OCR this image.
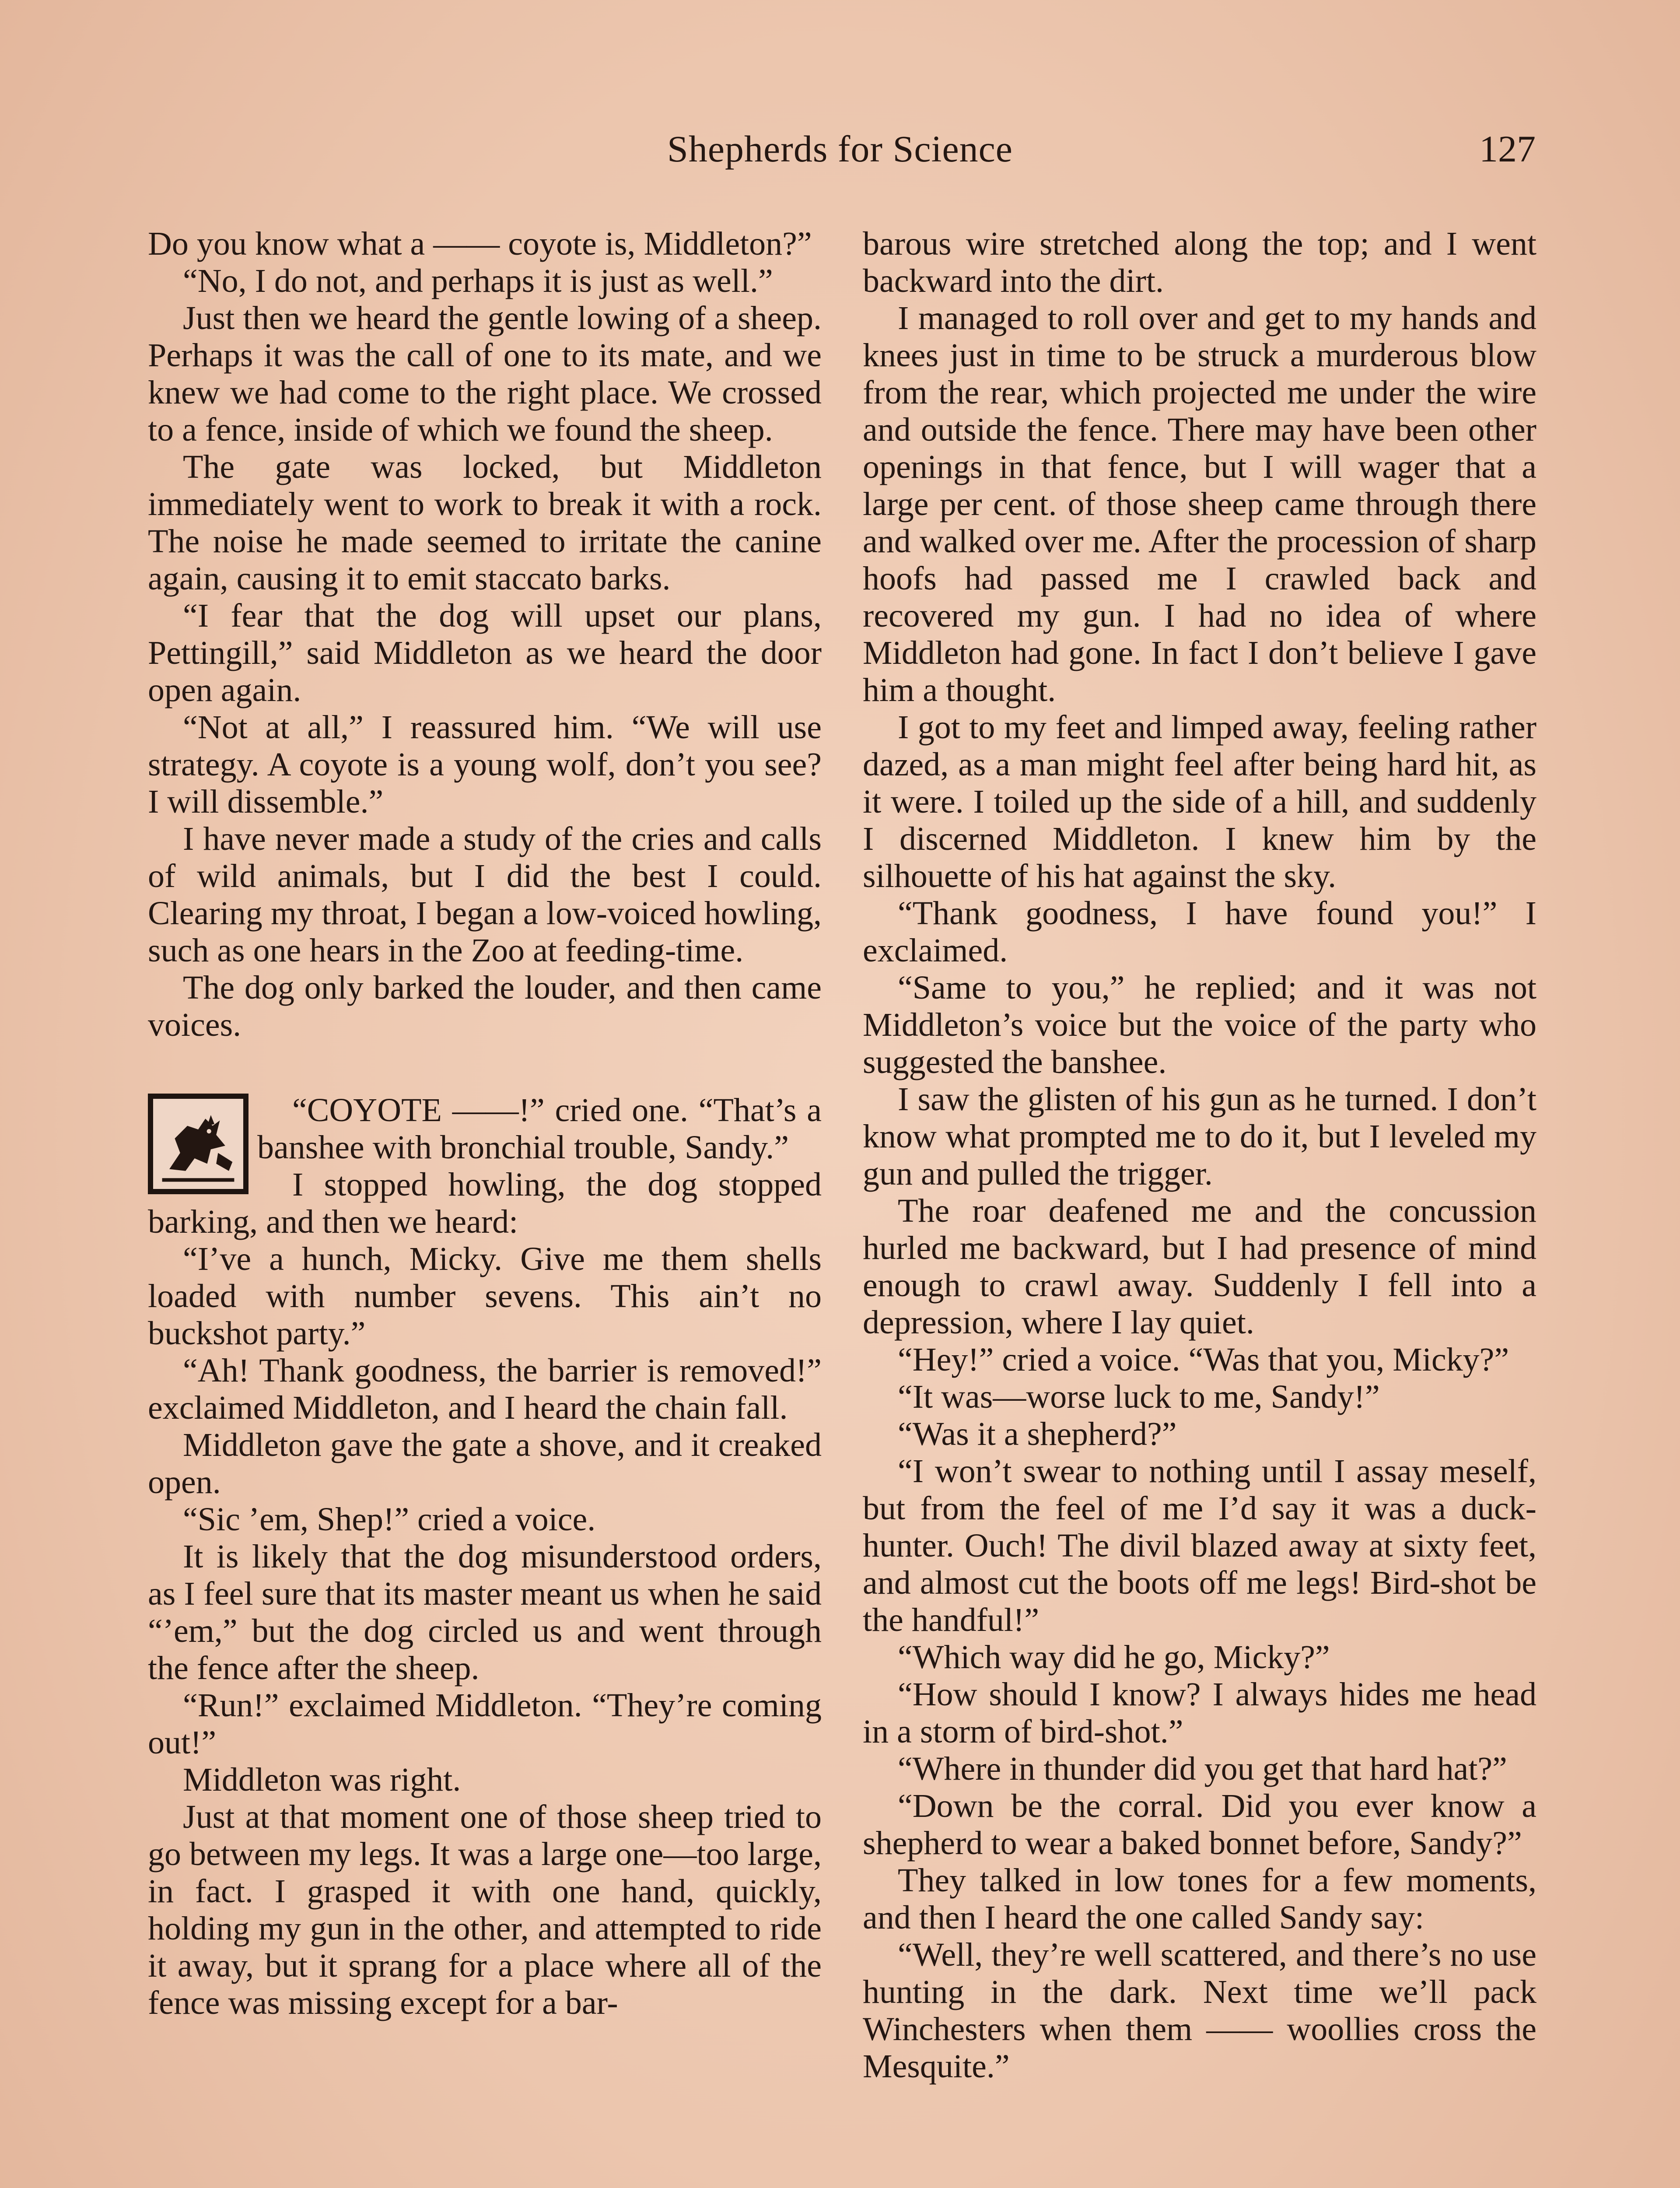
Shepherds for Science	127

Do you know what a —— coyote is, Middleton?”

“No, I do not, and perhaps it is just as well.”

Just then we heard the gentle lowing of a sheep. Perhaps it was the call of one to its mate, and we knew we had come to the right place. We crossed to a fence, inside of which we found the sheep.

The gate was locked, but Middleton immediately went to work to break it with a rock. The noise he made seemed to irritate the canine again, causing it to emit staccato barks.

“I fear that the dog will upset our plans, Pettingill,” said Middleton as we heard the door open again.

“Not at all,” I reassured him. “We will use strategy. A coyote is a young wolf, don’t you see? I will dissemble.”

I have never made a study of the cries and calls of wild animals, but I did the best I could. Clearing my throat, I began a low-voiced howling, such as one hears in the Zoo at feeding-time.

The dog only barked the louder, and then came voices.

“COYOTE ——!” cried one. “That’s a banshee with bronchial trouble, Sandy.”

I stopped howling, the dog stopped barking, and then we heard:

“I’ve a hunch, Micky. Give me them shells loaded with number sevens. This ain’t no buckshot party.”

“Ah! Thank goodness, the barrier is removed!” exclaimed Middleton, and I heard the chain fall.

Middleton gave the gate a shove, and it creaked open.

“Sic ’em, Shep!” cried a voice.

It is likely that the dog misunderstood orders, as I feel sure that its master meant us when he said “’em,” but the dog circled us and went through the fence after the sheep.

“Run!” exclaimed Middleton. “They’re coming out!”

Middleton was right.

Just at that moment one of those sheep tried to go between my legs. It was a large one—too large, in fact. I grasped it with one hand, quickly, holding my gun in the other, and attempted to ride it away, but it sprang for a place where all of the fence was missing except for a bar-

barous wire stretched along the top; and I went backward into the dirt.

I managed to roll over and get to my hands and knees just in time to be struck a murderous blow from the rear, which projected me under the wire and outside the fence. There may have been other openings in that fence, but I will wager that a large per cent. of those sheep came through there and walked over me. After the procession of sharp hoofs had passed me I crawled back and recovered my gun. I had no idea of where Middleton had gone. In fact I don’t believe I gave him a thought.

I got to my feet and limped away, feeling rather dazed, as a man might feel after being hard hit, as it were. I toiled up the side of a hill, and suddenly I discerned Middleton. I knew him by the silhouette of his hat against the sky.

“Thank goodness, I have found you!” I exclaimed.

“Same to you,” he replied; and it was not Middleton’s voice but the voice of the party who suggested the banshee.

I saw the glisten of his gun as he turned. I don’t know what prompted me to do it, but I leveled my gun and pulled the trigger.

The roar deafened me and the concussion hurled me backward, but I had presence of mind enough to crawl away. Suddenly I fell into a depression, where I lay quiet.

“Hey!” cried a voice. “Was that you, Micky?”

“It was—worse luck to me, Sandy!”

“Was it a shepherd?”

“I won’t swear to nothing until I assay meself, but from the feel of me I’d say it was a duck-hunter. Ouch! The divil blazed away at sixty feet, and almost cut the boots off me legs! Bird-shot be the handful!”

“Which way did he go, Micky?”

“How should I know? I always hides me head in a storm of bird-shot.”

“Where in thunder did you get that hard hat?”

“Down be the corral. Did you ever know a shepherd to wear a baked bonnet before, Sandy?”

They talked in low tones for a few moments, and then I heard the one called Sandy say:

“Well, they’re well scattered, and there’s no use hunting in the dark. Next time we’ll pack Winchesters when them —— woollies cross the Mesquite.”
